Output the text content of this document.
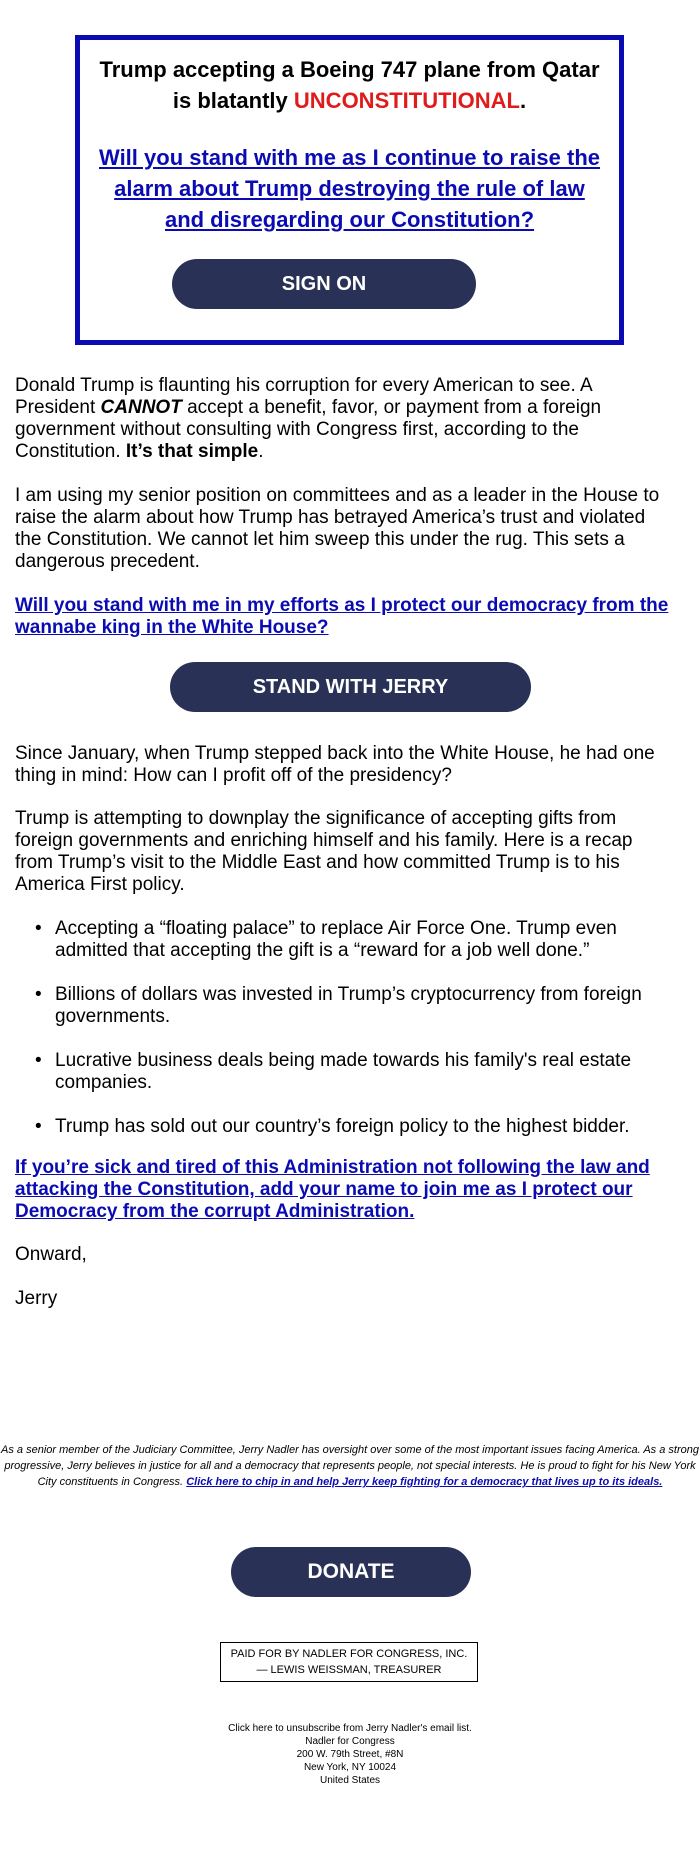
Trump accepting a Boeing 747 plane from Qatar is blatantly UNCONSTITUTIONAL.
Will you stand with me as I continue to raise the alarm about Trump destroying the rule of law and disregarding our Constitution?
SIGN ON

Donald Trump is flaunting his corruption for every American to see. A President CANNOT accept a benefit, favor, or payment from a foreign government without consulting with Congress first, according to the Constitution. It’s that simple.

I am using my senior position on committees and as a leader in the House to raise the alarm about how Trump has betrayed America’s trust and violated the Constitution. We cannot let him sweep this under the rug. This sets a dangerous precedent.

Will you stand with me in my efforts as I protect our democracy from the wannabe king in the White House?
STAND WITH JERRY

Since January, when Trump stepped back into the White House, he had one thing in mind: How can I profit off of the presidency?

Trump is attempting to downplay the significance of accepting gifts from foreign governments and enriching himself and his family. Here is a recap from Trump’s visit to the Middle East and how committed Trump is to his America First policy.

• Accepting a “floating palace” to replace Air Force One. Trump even admitted that accepting the gift is a “reward for a job well done.”
• Billions of dollars was invested in Trump’s cryptocurrency from foreign governments.
• Lucrative business deals being made towards his family's real estate companies.
• Trump has sold out our country’s foreign policy to the highest bidder.
If you’re sick and tired of this Administration not following the law and attacking the Constitution, add your name to join me as I protect our Democracy from the corrupt Administration.

Onward,

Jerry

As a senior member of the Judiciary Committee, Jerry Nadler has oversight over some of the most important issues facing America. As a strong progressive, Jerry believes in justice for all and a democracy that represents people, not special interests. He is proud to fight for his New York City constituents in Congress. Click here to chip in and help Jerry keep fighting for a democracy that lives up to its ideals.

DONATE
PAID FOR BY NADLER FOR CONGRESS, INC.
— LEWIS WEISSMAN, TREASURER
Click here to unsubscribe from Jerry Nadler's email list.
Nadler for Congress
200 W. 79th Street, #8N
New York, NY 10024
United States
